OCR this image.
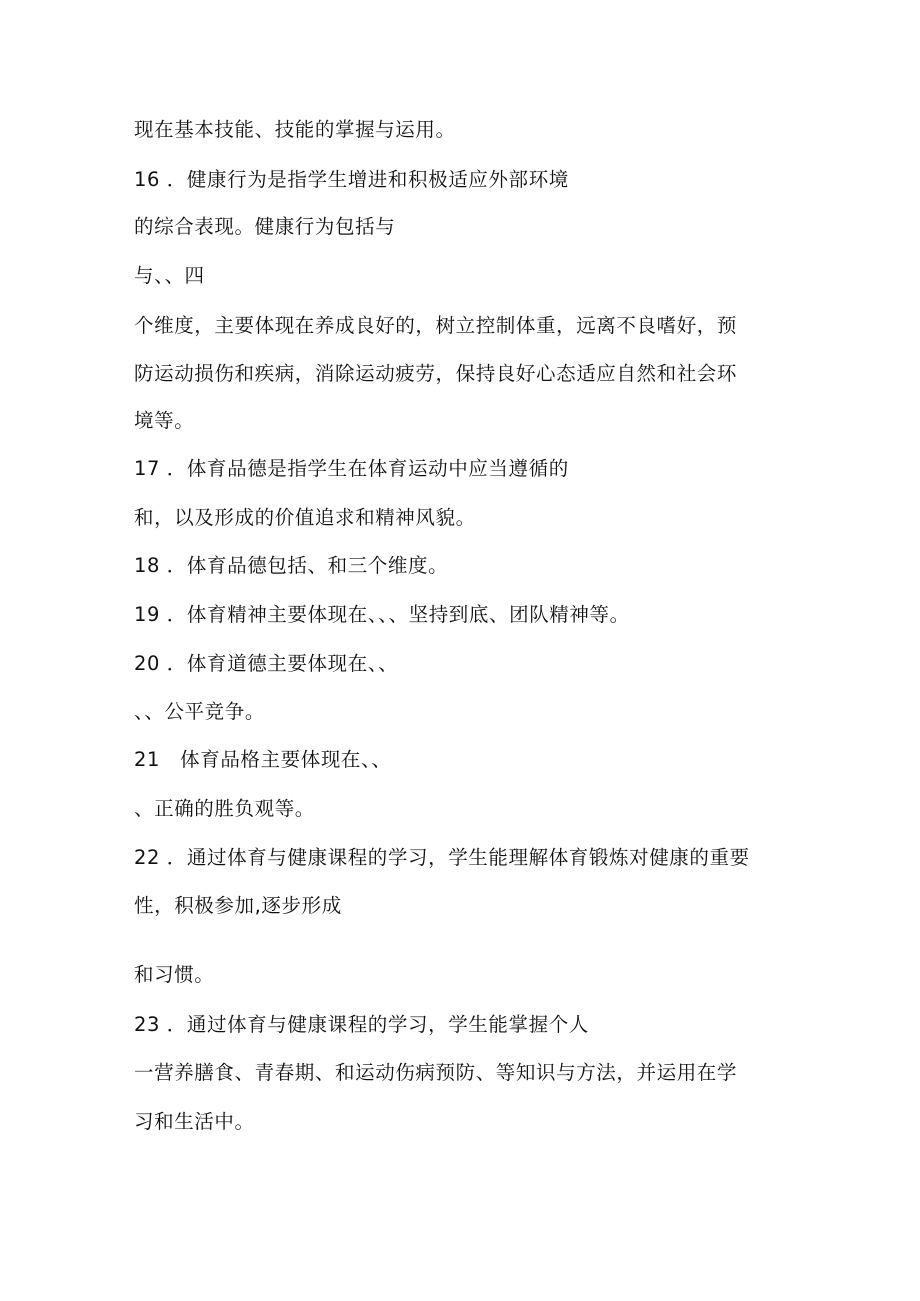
现在基本技能、技能的掌握与运用。
16 ．健康行为是指学生增进和积极适应外部环境
的综合表现。健康行为包括与
与、、四
个维度，主要体现在养成良好的，树立控制体重，远离不良嗜好，预
防运动损伤和疾病，消除运动疲劳，保持良好心态适应自然和社会环
境等。
17 ．体育品德是指学生在体育运动中应当遵循的
和，以及形成的价值追求和精神风貌。
18 ．体育品德包括、和三个维度。
19 ．体育精神主要体现在、、、坚持到底、团队精神等。
20 ．体育道德主要体现在、、
、、公平竞争。
21　体育品格主要体现在、、
、正确的胜负观等。
22 ．通过体育与健康课程的学习，学生能理解体育锻炼对健康的重要
性，积极参加,逐步形成
和习惯。
23 ．通过体育与健康课程的学习，学生能掌握个人
一营养膳食、青春期、和运动伤病预防、等知识与方法，并运用在学
习和生活中。
